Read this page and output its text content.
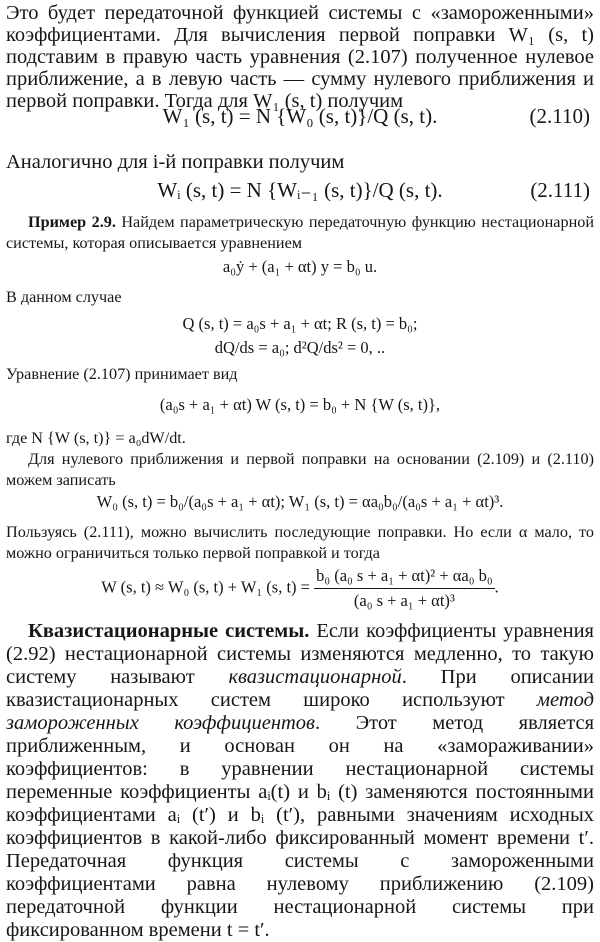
Это будет передаточной функцией системы с «замороженными» коэффициентами. Для вычисления первой поправки W₁ (s, t) подставим в правую часть уравнения (2.107) полученное нулевое приближение, а в левую часть — сумму нулевого приближения и первой поправки. Тогда для W₁ (s, t) получим

W₁ (s, t) = N {W₀ (s, t)}/Q (s, t).	(2.110)

Аналогично для i-й поправки получим

Wᵢ (s, t) = N {Wᵢ₋₁ (s, t)}/Q (s, t).	(2.111)

Пример 2.9. Найдем параметрическую передаточную функцию нестационарной системы, которая описывается уравнением

a₀ẏ + (a₁ + αt) y = b₀ u.

В данном случае

Q (s, t) = a₀s + a₁ + αt; R (s, t) = b₀;
dQ/ds = a₀; d²Q/ds² = 0, ..

Уравнение (2.107) принимает вид

(a₀s + a₁ + αt) W (s, t) = b₀ + N {W (s, t)},

где N {W (s, t)} = a₀dW/dt.

Для нулевого приближения и первой поправки на основании (2.109) и (2.110) можем записать

W₀ (s, t) = b₀/(a₀s + a₁ + αt); W₁ (s, t) = αa₀b₀/(a₀s + a₁ + αt)³.

Пользуясь (2.111), можно вычислить последующие поправки. Но если α мало, то можно ограничиться только первой поправкой и тогда

W (s, t) ≈ W₀ (s, t) + W₁ (s, $t) = \frac{\text{b₀ (a₀ s + a₁ + αt)² + αa₀ b₀}}{\text{(a₀ s + a₁ + αt)³}}$ .

Квазистационарные системы. Если коэффициенты уравнения (2.92) нестационарной системы изменяются медленно, то такую систему называют квазистационарной. При описании квазистационарных систем широко используют метод замороженных коэффициентов. Этот метод является приближенным, и основан он на «замораживании» коэффициентов: в уравнении нестационарной системы переменные коэффициенты aᵢ(t) и bᵢ (t) заменяются постоянными коэффициентами aᵢ (t′) и bᵢ (t′), равными значениям исходных коэффициентов в какой-либо фиксированный момент времени t′. Передаточная функция системы с замороженными коэффициентами равна нулевому приближению (2.109) передаточной функции нестационарной системы при фиксированном времени t = t′.
